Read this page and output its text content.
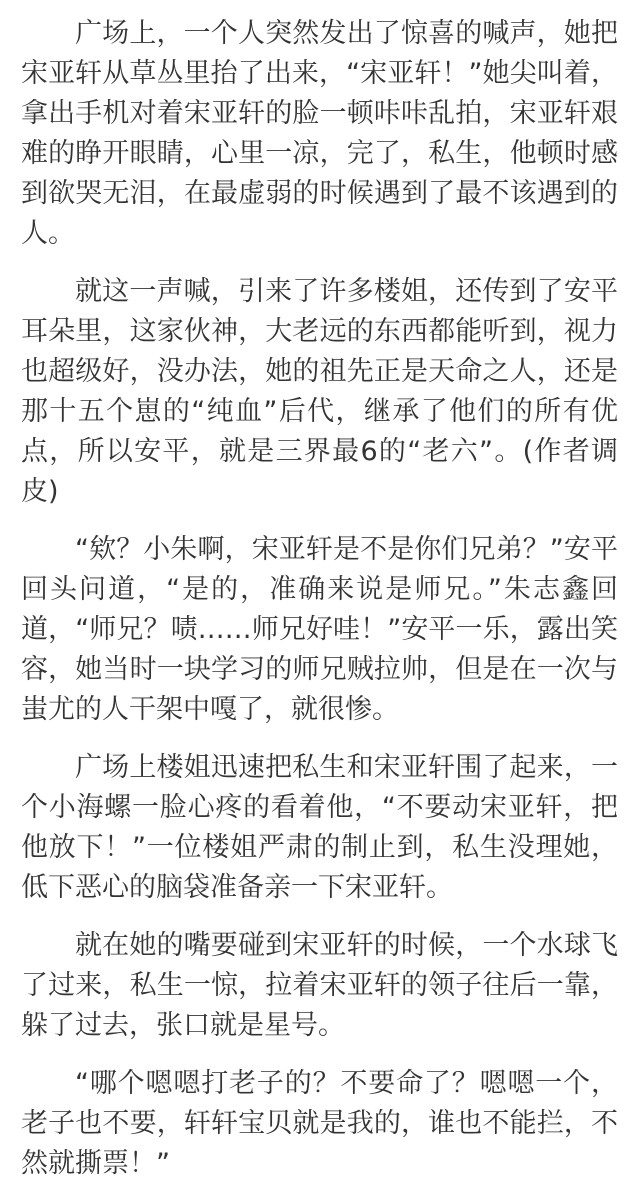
广场上，一个人突然发出了惊喜的喊声，她把宋亚轩从草丛里抬了出来，“宋亚轩！”她尖叫着，拿出手机对着宋亚轩的脸一顿咔咔乱拍，宋亚轩艰难的睁开眼睛，心里一凉，完了，私生，他顿时感到欲哭无泪，在最虚弱的时候遇到了最不该遇到的人。

就这一声喊，引来了许多楼姐，还传到了安平耳朵里，这家伙神，大老远的东西都能听到，视力也超级好，没办法，她的祖先正是天命之人，还是那十五个崽的“纯血”后代，继承了他们的所有优点，所以安平，就是三界最6的“老六”。(作者调皮)

“欸？小朱啊，宋亚轩是不是你们兄弟？”安平回头问道，“是的，准确来说是师兄。”朱志鑫回道，“师兄？啧……师兄好哇！”安平一乐，露出笑容，她当时一块学习的师兄贼拉帅，但是在一次与蚩尤的人干架中嘎了，就很惨。

广场上楼姐迅速把私生和宋亚轩围了起来，一个小海螺一脸心疼的看着他，“不要动宋亚轩，把他放下！”一位楼姐严肃的制止到，私生没理她，低下恶心的脑袋准备亲一下宋亚轩。

就在她的嘴要碰到宋亚轩的时候，一个水球飞了过来，私生一惊，拉着宋亚轩的领子往后一靠，躲了过去，张口就是星号。

“哪个嗯嗯打老子的？不要命了？嗯嗯一个，老子也不要，轩轩宝贝就是我的，谁也不能拦，不然就撕票！”
